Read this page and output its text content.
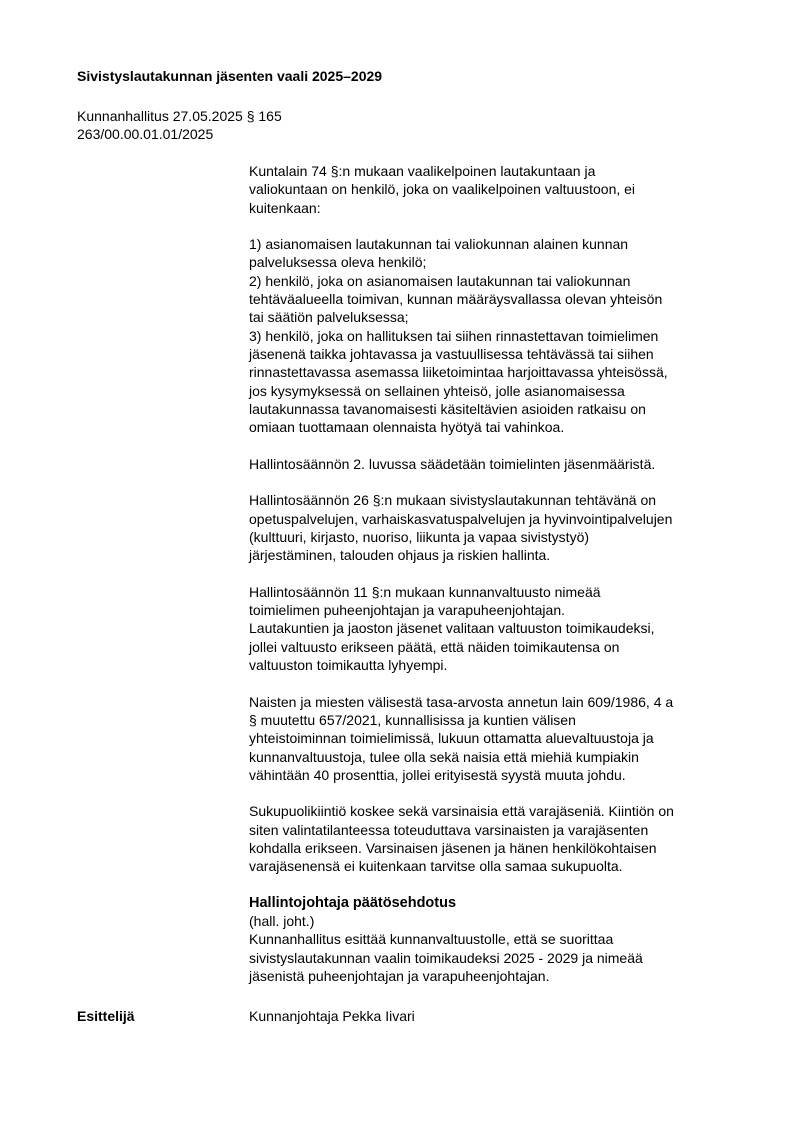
Sivistyslautakunnan jäsenten vaali 2025–2029
Kunnanhallitus 27.05.2025 § 165
263/00.00.01.01/2025

Kuntalain 74 §:n mukaan vaalikelpoinen lautakuntaan ja
valiokuntaan on henkilö, joka on vaalikelpoinen valtuustoon, ei
kuitenkaan:

1) asianomaisen lautakunnan tai valiokunnan alainen kunnan
palveluksessa oleva henkilö;
2) henkilö, joka on asianomaisen lautakunnan tai valiokunnan
tehtäväalueella toimivan, kunnan määräysvallassa olevan yhteisön
tai säätiön palveluksessa;
3) henkilö, joka on hallituksen tai siihen rinnastettavan toimielimen
jäsenenä taikka johtavassa ja vastuullisessa tehtävässä tai siihen
rinnastettavassa asemassa liiketoimintaa harjoittavassa yhteisössä,
jos kysymyksessä on sellainen yhteisö, jolle asianomaisessa
lautakunnassa tavanomaisesti käsiteltävien asioiden ratkaisu on
omiaan tuottamaan olennaista hyötyä tai vahinkoa.

Hallintosäännön 2. luvussa säädetään toimielinten jäsenmääristä.

Hallintosäännön 26 §:n mukaan sivistyslautakunnan tehtävänä on
opetuspalvelujen, varhaiskasvatuspalvelujen ja hyvinvointipalvelujen
(kulttuuri, kirjasto, nuoriso, liikunta ja vapaa sivistystyö)
järjestäminen, talouden ohjaus ja riskien hallinta.

Hallintosäännön 11 §:n mukaan kunnanvaltuusto nimeää
toimielimen puheenjohtajan ja varapuheenjohtajan.
Lautakuntien ja jaoston jäsenet valitaan valtuuston toimikaudeksi,
jollei valtuusto erikseen päätä, että näiden toimikautensa on
valtuuston toimikautta lyhyempi.

Naisten ja miesten välisestä tasa-arvosta annetun lain 609/1986, 4 a
§ muutettu 657/2021, kunnallisissa ja kuntien välisen
yhteistoiminnan toimielimissä, lukuun ottamatta aluevaltuustoja ja
kunnanvaltuustoja, tulee olla sekä naisia että miehiä kumpiakin
vähintään 40 prosenttia, jollei erityisestä syystä muuta johdu.

Sukupuolikiintiö koskee sekä varsinaisia että varajäseniä. Kiintiön on
siten valintatilanteessa toteuduttava varsinaisten ja varajäsenten
kohdalla erikseen. Varsinaisen jäsenen ja hänen henkilökohtaisen
varajäsenensä ei kuitenkaan tarvitse olla samaa sukupuolta.

Hallintojohtaja päätösehdotus
(hall. joht.)
Kunnanhallitus esittää kunnanvaltuustolle, että se suorittaa
sivistyslautakunnan vaalin toimikaudeksi 2025 - 2029 ja nimeää
jäsenistä puheenjohtajan ja varapuheenjohtajan.

Esittelijä	Kunnanjohtaja Pekka Iivari
